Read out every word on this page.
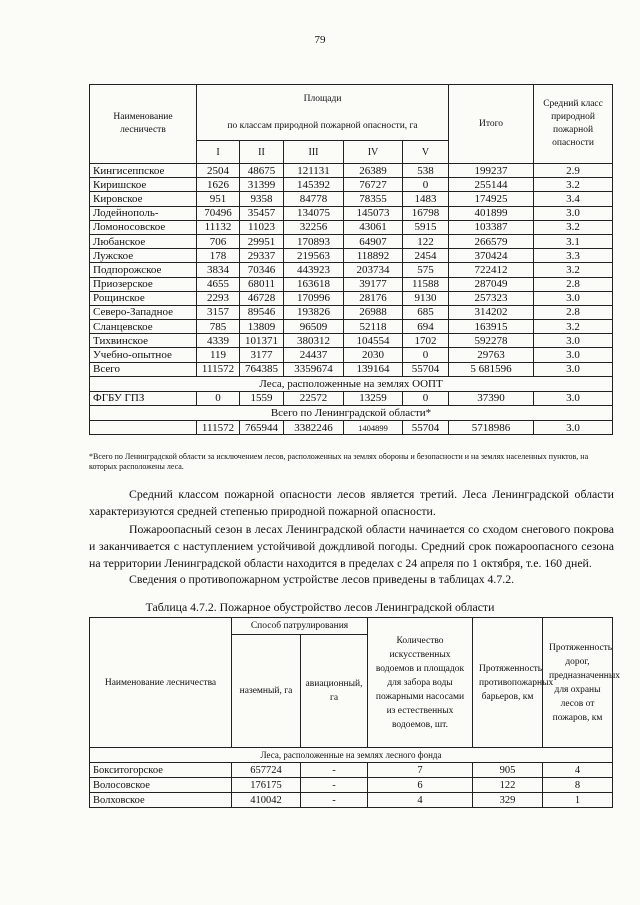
79
Наименование лесничеств	Площади
по классам природной пожарной опасности, га					Итого	Средний класс природной пожарной опасности
	I	II	III	IV	V		
Кингисеппское	2504	48675	121131	26389	538	199237	2.9
Киришское	1626	31399	145392	76727	0	255144	3.2
Кировское	951	9358	84778	78355	1483	174925	3.4
Лодейнополь-	70496	35457	134075	145073	16798	401899	3.0
Ломоносовское	11132	11023	32256	43061	5915	103387	3.2
Любанское	706	29951	170893	64907	122	266579	3.1
Лужское	178	29337	219563	118892	2454	370424	3.3
Подпорожское	3834	70346	443923	203734	575	722412	3.2
Приозерское	4655	68011	163618	39177	11588	287049	2.8
Рощинское	2293	46728	170996	28176	9130	257323	3.0
Северо-Западное	3157	89546	193826	26988	685	314202	2.8
Сланцевское	785	13809	96509	52118	694	163915	3.2
Тихвинское	4339	101371	380312	104554	1702	592278	3.0
Учебно-опытное	119	3177	24437	2030	0	29763	3.0
Всего	111572	764385	3359674	139164	55704	5 681596	3.0
Леса, расположенные на землях ООПТ							
ФГБУ ГПЗ	0	1559	22572	13259	0	37390	3.0
Всего по Ленинградской области*							
	111572	765944	3382246	1404899	55704	5718986	3.0
*Всего по Ленинградской области за исключением лесов, расположенных на землях обороны и безопасности и на землях населенных пунктов, на которых расположены леса.

Средний классом пожарной опасности лесов является третий. Леса Ленинградской области характеризуются средней степенью природной пожарной опасности.

Пожароопасный сезон в лесах Ленинградской области начинается со сходом снегового покрова и заканчивается с наступлением устойчивой дождливой погоды. Средний срок пожароопасного сезона на территории Ленинградской области находится в пределах с 24 апреля по 1 октября, т.е. 160 дней.

Сведения о противопожарном устройстве лесов приведены в таблицах 4.7.2.

Таблица 4.7.2. Пожарное обустройство лесов Ленинградской области
Наименование лесничества	Способ патрулирования		Количество искусственных водоемов и площадок для забора воды пожарными насосами из естественных водоемов, шт.	Протяженность противопожарных барьеров, км	Протяженность дорог, предназначенных для охраны лесов от пожаров, км
	наземный, га	авиационный, га			
Леса, расположенные на землях лесного фонда					
Бокситогорское	657724	-	7	905	4
Волосовское	176175	-	6	122	8
Волховское	410042	-	4	329	1
